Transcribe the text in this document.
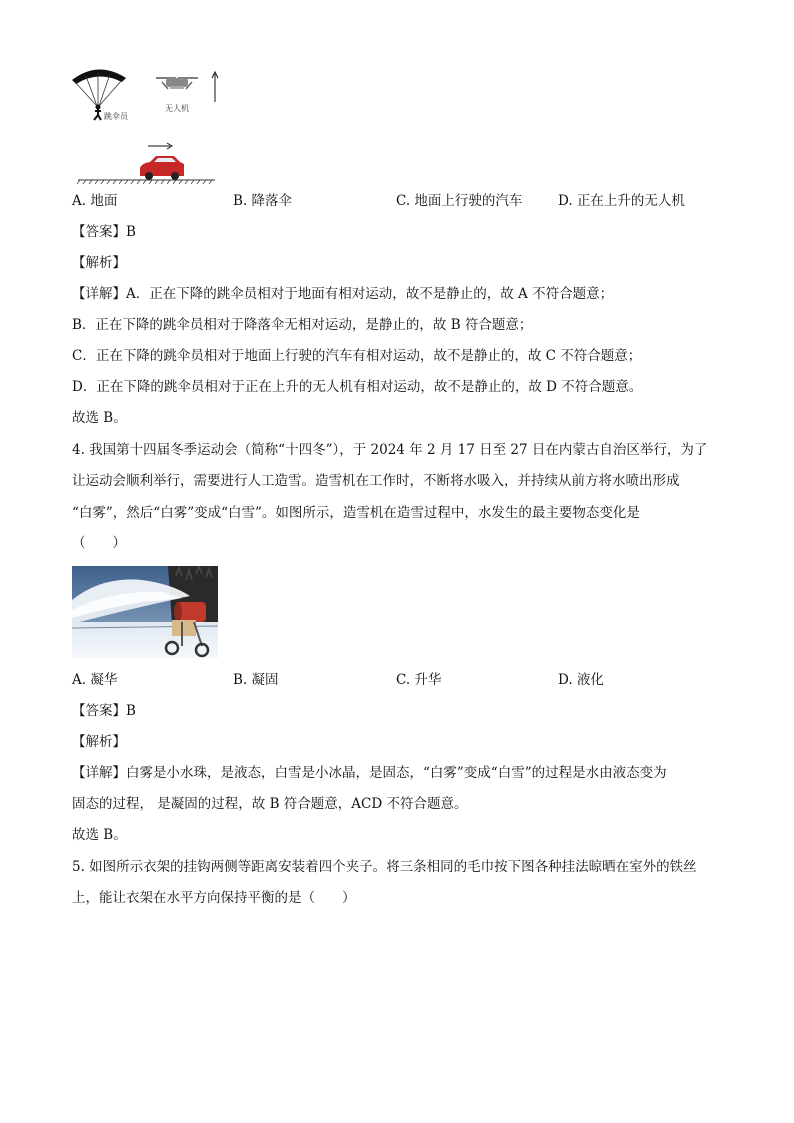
跳伞员
无人机
A. 地面	B. 降落伞	C. 地面上行驶的汽车	D. 正在上升的无人机
【答案】B
【解析】
【详解】A．正在下降的跳伞员相对于地面有相对运动，故不是静止的，故 A 不符合题意；
B．正在下降的跳伞员相对于降落伞无相对运动，是静止的，故 B 符合题意；
C．正在下降的跳伞员相对于地面上行驶的汽车有相对运动，故不是静止的，故 C 不符合题意；
D．正在下降的跳伞员相对于正在上升的无人机有相对运动，故不是静止的，故 D 不符合题意。
故选 B。
4. 我国第十四届冬季运动会（简称“十四冬”），于 2024 年 2 月 17 日至 27 日在内蒙古自治区举行，为了
让运动会顺利举行，需要进行人工造雪。造雪机在工作时，不断将水吸入，并持续从前方将水喷出形成
“白雾”，然后“白雾”变成“白雪”。如图所示，造雪机在造雪过程中，水发生的最主要物态变化是
（　　）
A. 凝华	B. 凝固	C. 升华	D. 液化
【答案】B
【解析】
【详解】白雾是小水珠，是液态，白雪是小冰晶，是固态，“白雾”变成“白雪”的过程是水由液态变为
固态的过程， 是凝固的过程，故 B 符合题意，ACD 不符合题意。
故选 B。
5. 如图所示衣架的挂钩两侧等距离安装着四个夹子。将三条相同的毛巾按下图各种挂法晾晒在室外的铁丝
上，能让衣架在水平方向保持平衡的是（　　）
